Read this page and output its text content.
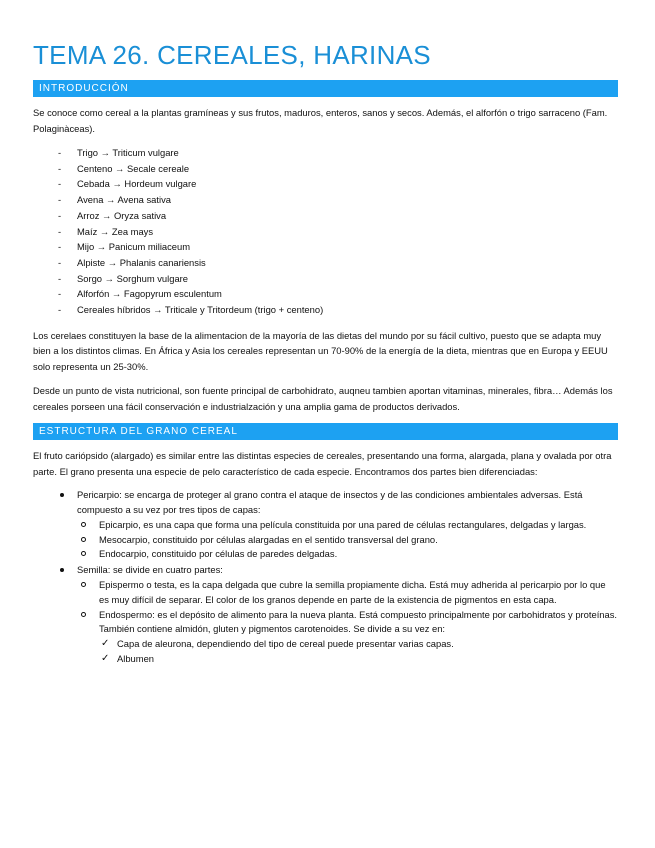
TEMA 26. CEREALES, HARINAS
INTRODUCCIÓN

Se conoce como cereal a la plantas gramíneas y sus frutos, maduros, enteros, sanos y secos. Además, el alforfón o trigo sarraceno (Fam. Polaginàceas).

- Trigo → Triticum vulgare
- Centeno → Secale cereale
- Cebada → Hordeum vulgare
- Avena → Avena sativa
- Arroz → Oryza sativa
- Maíz → Zea mays
- Mijo → Panicum miliaceum
- Alpiste → Phalanis canariensis
- Sorgo → Sorghum vulgare
- Alforfón → Fagopyrum esculentum
- Cereales híbridos → Triticale y Tritordeum (trigo + centeno)

Los cerelaes constituyen la base de la alimentacion de la mayoría de las dietas del mundo por su fácil cultivo, puesto que se adapta muy bien a los distintos climas. En África y Asia los cereales representan un 70-90% de la energía de la dieta, mientras que en Europa y EEUU solo representa un 25-30%.

Desde un punto de vista nutricional, son fuente principal de carbohidrato, auqneu tambien aportan vitaminas, minerales, fibra… Además los cereales porseen una fácil conservación e industrialzación y una amplia gama de productos derivados.

ESTRUCTURA DEL GRANO CEREAL

El fruto cariópsido (alargado) es similar entre las distintas especies de cereales, presentando una forma, alargada, plana y ovalada por otra parte. El grano presenta una especie de pelo característico de cada especie. Encontramos dos partes bien diferenciadas:

Pericarpio: se encarga de proteger al grano contra el ataque de insectos y de las condiciones ambientales adversas. Está compuesto a su vez por tres tipos de capas:
Epicarpio, es una capa que forma una película constituida por una pared de células rectangulares, delgadas y largas.
Mesocarpio, constituido por células alargadas en el sentido transversal del grano.
Endocarpio, constituido por células de paredes delgadas.
Semilla: se divide en cuatro partes:
Epispermo o testa, es la capa delgada que cubre la semilla propiamente dicha. Está muy adherida al pericarpio por lo que es muy difícil de separar. El color de los granos depende en parte de la existencia de pigmentos en esta capa.
Endospermo: es el depósito de alimento para la nueva planta. Está compuesto principalmente por carbohidratos y proteínas. También contiene almidón, gluten y pigmentos carotenoides. Se divide a su vez en:
✓ Capa de aleurona, dependiendo del tipo de cereal puede presentar varias capas.
✓ Albumen
